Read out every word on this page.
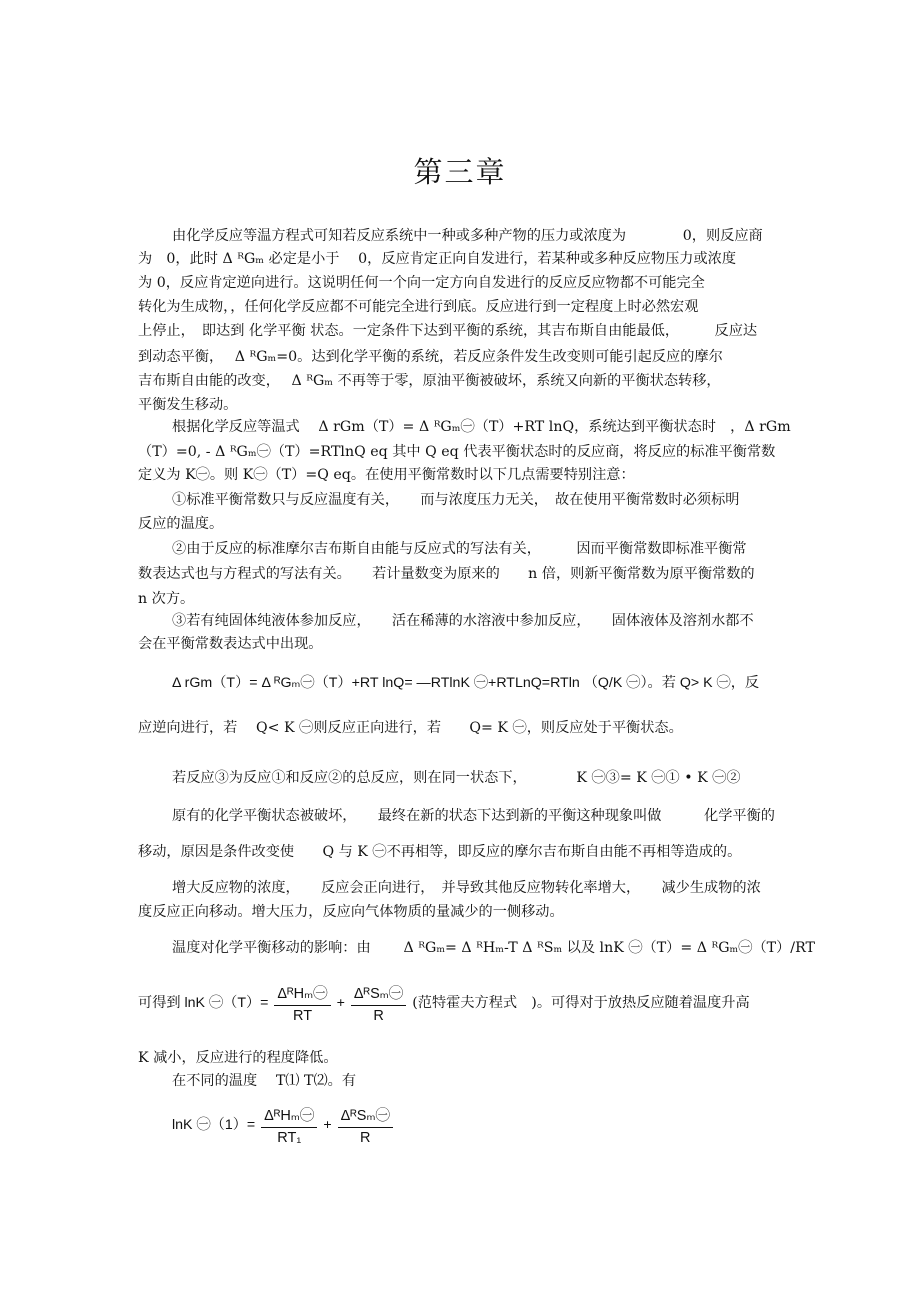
第三章
由化学反应等温方程式可知若反应系统中一种或多种产物的压力或浓度为　　　　0，则反应商
为　0，此时 Δ ᴿGₘ 必定是小于　 0，反应肯定正向自发进行，若某种或多种反应物压力或浓度
为 0，反应肯定逆向进行。这说明任何一个向一定方向自发进行的反应反应物都不可能完全
转化为生成物，，任何化学反应都不可能完全进行到底。反应进行到一定程度上时必然宏观
上停止，　即达到 化学平衡 状态。一定条件下达到平衡的系统，其吉布斯自由能最低，　　　反应达
到动态平衡，　 Δ ᴿGₘ=0。达到化学平衡的系统，若反应条件发生改变则可能引起反应的摩尔
吉布斯自由能的改变，　 Δ ᴿGₘ 不再等于零，原油平衡被破坏，系统又向新的平衡状态转移，
平衡发生移动。
根据化学反应等温式　 Δ rGm（T）= Δ ᴿGₘ㊀（T）+RT lnQ，系统达到平衡状态时　，Δ rGm
（T）=0, - Δ ᴿGₘ㊀（T）=RTlnQ eq 其中 Q eq 代表平衡状态时的反应商，将反应的标准平衡常数
定义为 K㊀。则 K㊀（T）=Q eq。在使用平衡常数时以下几点需要特别注意：
①标准平衡常数只与反应温度有关，　　而与浓度压力无关，　故在使用平衡常数时必须标明
反应的温度。
②由于反应的标准摩尔吉布斯自由能与反应式的写法有关，　　　因而平衡常数即标准平衡常
数表达式也与方程式的写法有关。　　若计量数变为原来的　　n 倍，则新平衡常数为原平衡常数的
n 次方。
③若有纯固体纯液体参加反应，　　活在稀薄的水溶液中参加反应，　　固体液体及溶剂水都不
会在平衡常数表达式中出现。
Δ rGm（T）= Δ ᴿGₘ㊀（T）+RT lnQ= —RTlnK ㊀+RTLnQ=RTln （Q/K ㊀）。若 Q> K ㊀，反
应逆向进行，若　 Q< K ㊀则反应正向进行，若　　Q= K ㊀，则反应处于平衡状态。
若反应③为反应①和反应②的总反应，则在同一状态下，　　　　K ㊀③= K ㊀① • K ㊀②
原有的化学平衡状态被破坏，　　最终在新的状态下达到新的平衡这种现象叫做　　　化学平衡的
移动，原因是条件改变使　　Q 与 K ㊀不再相等，即反应的摩尔吉布斯自由能不再相等造成的。
增大反应物的浓度，　　反应会正向进行，　并导致其他反应物转化率增大，　　减少生成物的浓
度反应正向移动。增大压力，反应向气体物质的量减少的一侧移动。
温度对化学平衡移动的影响：由　　 Δ ᴿGₘ= Δ ᴿHₘ-T Δ ᴿSₘ 以及 lnK ㊀（T）= Δ ᴿGₘ㊀（T）/RT
可得到 lnK ㊀（T）= $\frac{\text{ΔᴿHₘ㊀}}{RT} + \frac{\text{ΔᴿSₘ㊀}}{R}$ (范特霍夫方程式　)。可得对于放热反应随着温度升高
K 减小，反应进行的程度降低。
在不同的温度　 T⑴ T⑵。有
lnK ㊀（1）= $\frac{\text{ΔᴿHₘ㊀}}{\text{RT₁}} + \frac{\text{ΔᴿSₘ㊀}}{R}$
